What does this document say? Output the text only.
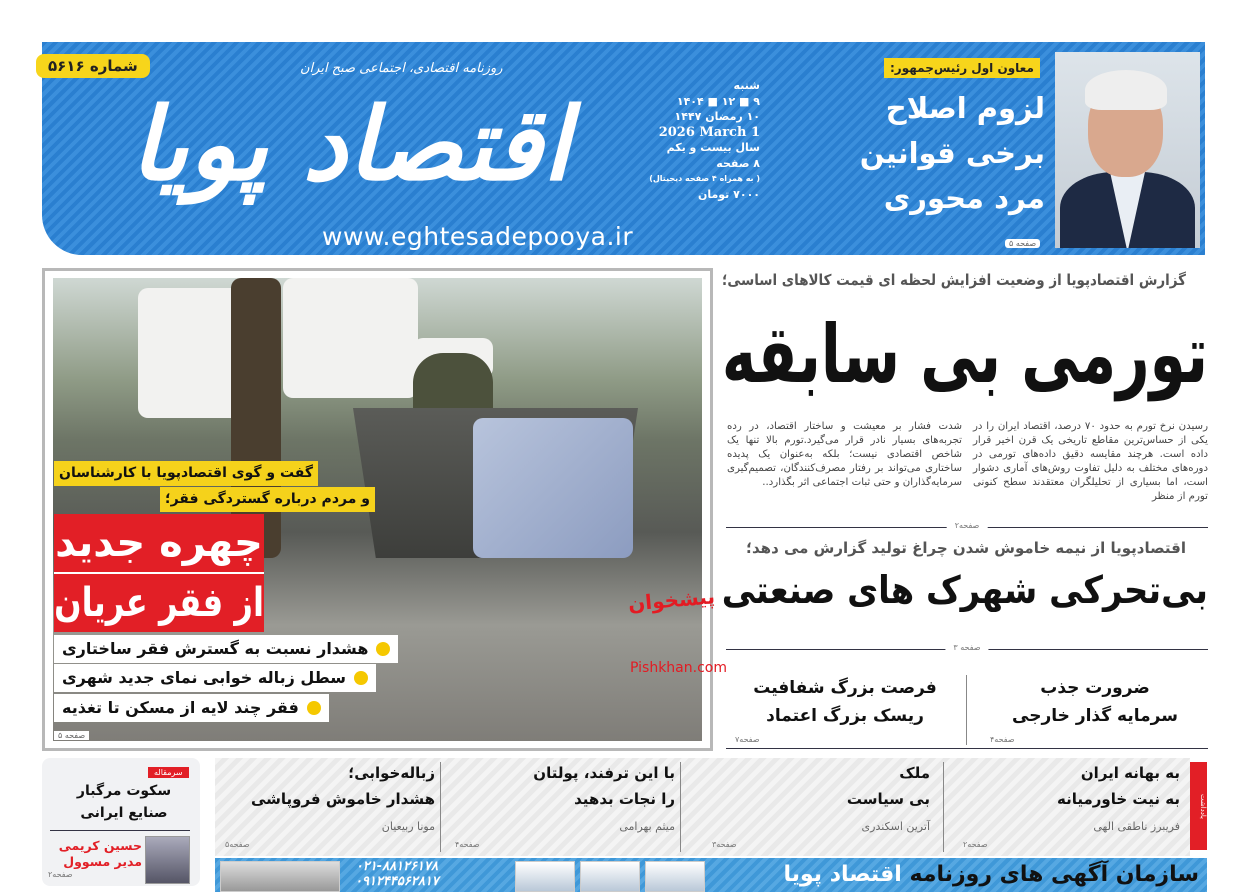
اقتصاد پویا
روزنامه اقتصادی، اجتماعی صبح ایران
شماره ۵۶۱۶
www.eghtesadepooya.ir
شنبه
۹ ■ ۱۲ ■ ۱۴۰۴
۱۰ رمضان ۱۴۴۷
2026 March 1
سال بیست و یکم
۸ صفحه
( به همراه ۴ صفحه دیجیتال)
۷۰۰۰ تومان
معاون اول رئیس‌جمهور:
لزوم اصلاح
برخی قوانین
مرد محوری
صفحه ۵
گفت و گوی اقتصادپویا با کارشناسان
و مردم درباره گستردگی فقر؛
چهره جدید
از فقر عریان
هشدار نسبت به گسترش فقر ساختاری
سطل زباله خوابی نمای جدید شهری
فقر چند لایه از مسکن تا تغذیه
صفحه ۵
گزارش اقتصادپویا از وضعیت افزایش لحظه ای قیمت کالاهای اساسی؛
تورمی بی سابقه
رسیدن نرخ تورم به حدود ۷۰ درصد، اقتصاد ایران را در یکی از حساس‌ترین مقاطع تاریخی یک قرن اخیر قرار داده است. هرچند مقایسه دقیق داده‌های تورمی در دوره‌های مختلف به دلیل تفاوت روش‌های آماری دشوار است، اما بسیاری از تحلیلگران معتقدند سطح کنونی تورم از منظر
شدت فشار بر معیشت و ساختار اقتصاد، در رده تجربه‌های بسیار نادر قرار می‌گیرد.تورم بالا تنها یک شاخص اقتصادی نیست؛ بلکه به‌عنوان یک پدیده ساختاری می‌تواند بر رفتار مصرف‌کنندگان، تصمیم‌گیری سرمایه‌گذاران و حتی ثبات اجتماعی اثر بگذارد..
صفحه۲
اقتصادپویا از نیمه خاموش شدن چراغ تولید گزارش می دهد؛
بی‌تحرکی شهرک های صنعتی
صفحه ۳
ضرورت جذب
سرمایه گذار خارجی
صفحه۴
فرصت بزرگ شفافیت
ریسک بزرگ اعتماد
صفحه۷
پیشخوان
Pishkhan.com
سرمقاله
سکوت مرگبار
صنایع ایرانی
حسین کریمی
مدیر مسوول
صفحه۲
یادداشت
به بهانه ایران
به نیت خاورمیانه
فریبرز ناطقی الهی
صفحه۲
ملک
بی سیاست
آترین اسکندری
صفحه۳
با این ترفند، پولتان
را نجات بدهید
میثم بهرامی
صفحه۴
زباله‌خوابی؛
هشدار خاموش فروپاشی
مونا ربیعیان
صفحه۵
۰۲۱-۸۸۱۲۶۱۷۸
۰۹۱۲۴۴۵۶۲۸۱۷	سازمان آگهی های روزنامه اقتصاد پویا
